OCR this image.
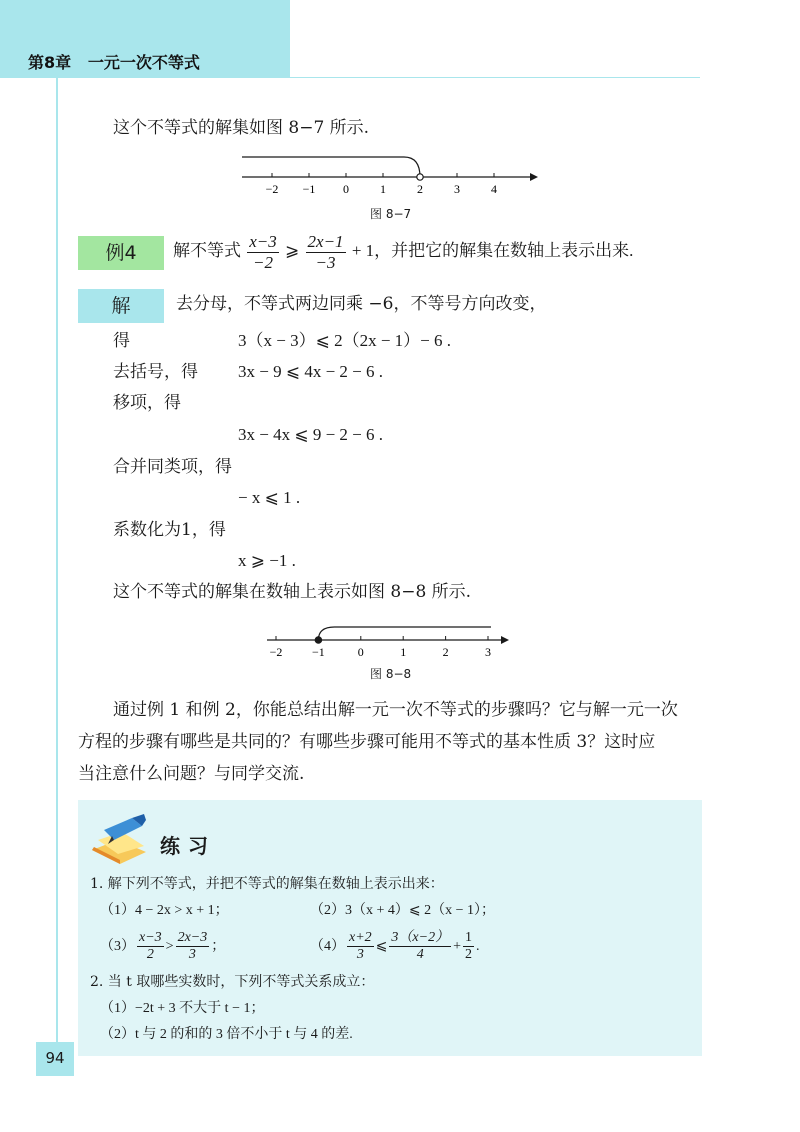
第8章 一元一次不等式
这个不等式的解集如图 8−7 所示.
−2 −1 0	1	2	3	4
图 8−7
例4	解不等式 $\frac{x-3}{-2}$ ⩾ $\frac{2x-1}{-3} + 1$，并把它的解集在数轴上表示出来.
解	去分母，不等式两边同乘 −6，不等号方向改变，
得	3（x − 3）⩽ 2（2x − 1）− 6 .
去括号，得 3x − 9 ⩽ 4x − 2 − 6 .
移项，得
3x − 4x ⩽ 9 − 2 − 6 .
合并同类项，得
− x ⩽ 1 .
系数化为1，得
x ⩾ −1 .
这个不等式的解集在数轴上表示如图 8−8 所示.
−2 −1	0	1	2	3
图 8−8
通过例 1 和例 2，你能总结出解一元一次不等式的步骤吗？它与解一元一次
方程的步骤有哪些是共同的？有哪些步骤可能用不等式的基本性质 3？这时应
当注意什么问题？与同学交流.
练习
1. 解下列不等式，并把不等式的解集在数轴上表示出来：
（1）4 − 2x > x + 1；	（2）3（x + 4）⩽ 2（x − 1）；
$(3) \frac{x-3}{2} > \frac{2x-3}{3}$ ；	$(4) \frac{x+2}{3}$ ⩽ $\frac{3(x-2)}{4} + \frac{1}{2}$ .
2. 当 t 取哪些实数时，下列不等式关系成立：
（1）−2t + 3 不大于 t − 1；
（2）t 与 2 的和的 3 倍不小于 t 与 4 的差.
94
